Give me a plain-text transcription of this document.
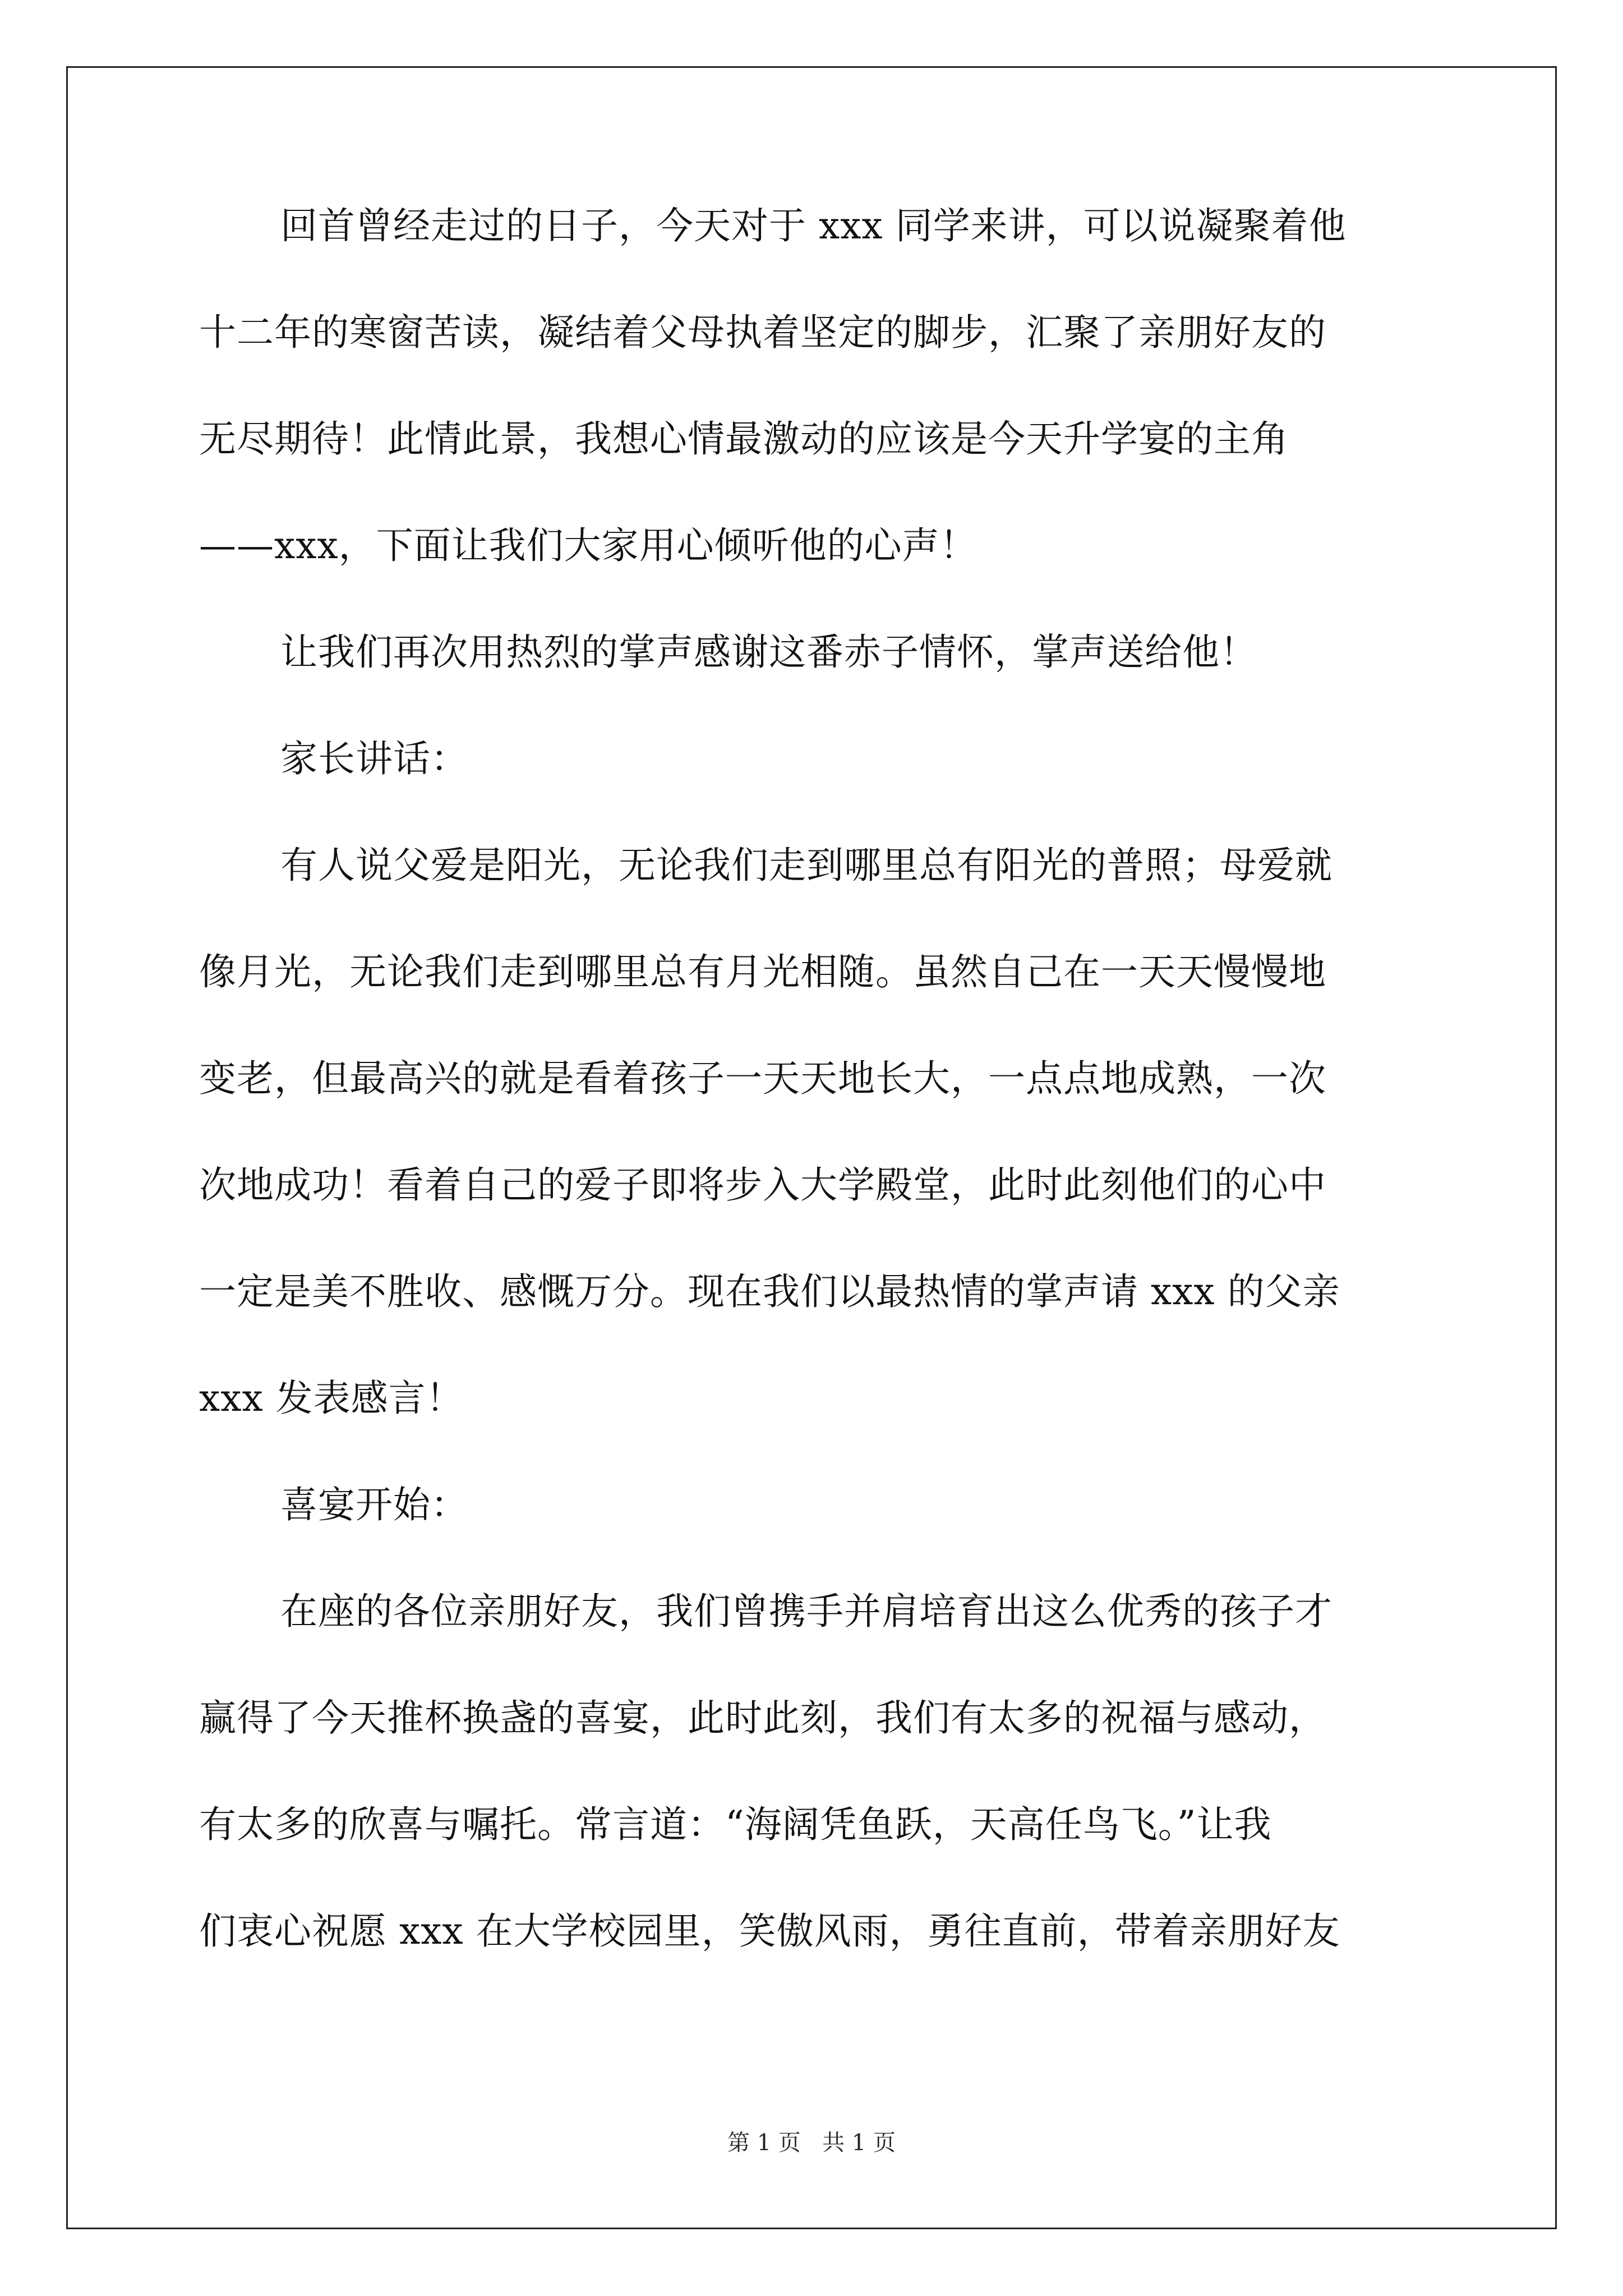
回首曾经走过的日子，今天对于 xxx 同学来讲，可以说凝聚着他
十二年的寒窗苦读，凝结着父母执着坚定的脚步，汇聚了亲朋好友的
无尽期待！此情此景，我想心情最激动的应该是今天升学宴的主角
——xxx，下面让我们大家用心倾听他的心声！
让我们再次用热烈的掌声感谢这番赤子情怀，掌声送给他！
家长讲话：
有人说父爱是阳光，无论我们走到哪里总有阳光的普照；母爱就
像月光，无论我们走到哪里总有月光相随。虽然自己在一天天慢慢地
变老，但最高兴的就是看着孩子一天天地长大，一点点地成熟，一次
次地成功！看着自己的爱子即将步入大学殿堂，此时此刻他们的心中
一定是美不胜收、感慨万分。现在我们以最热情的掌声请 xxx 的父亲
xxx 发表感言！
喜宴开始：
在座的各位亲朋好友，我们曾携手并肩培育出这么优秀的孩子才
赢得了今天推杯换盏的喜宴，此时此刻，我们有太多的祝福与感动，
有太多的欣喜与嘱托。常言道：“海阔凭鱼跃，天高任鸟飞。”让我
们衷心祝愿 xxx 在大学校园里，笑傲风雨，勇往直前，带着亲朋好友
第 1 页   共 1 页
